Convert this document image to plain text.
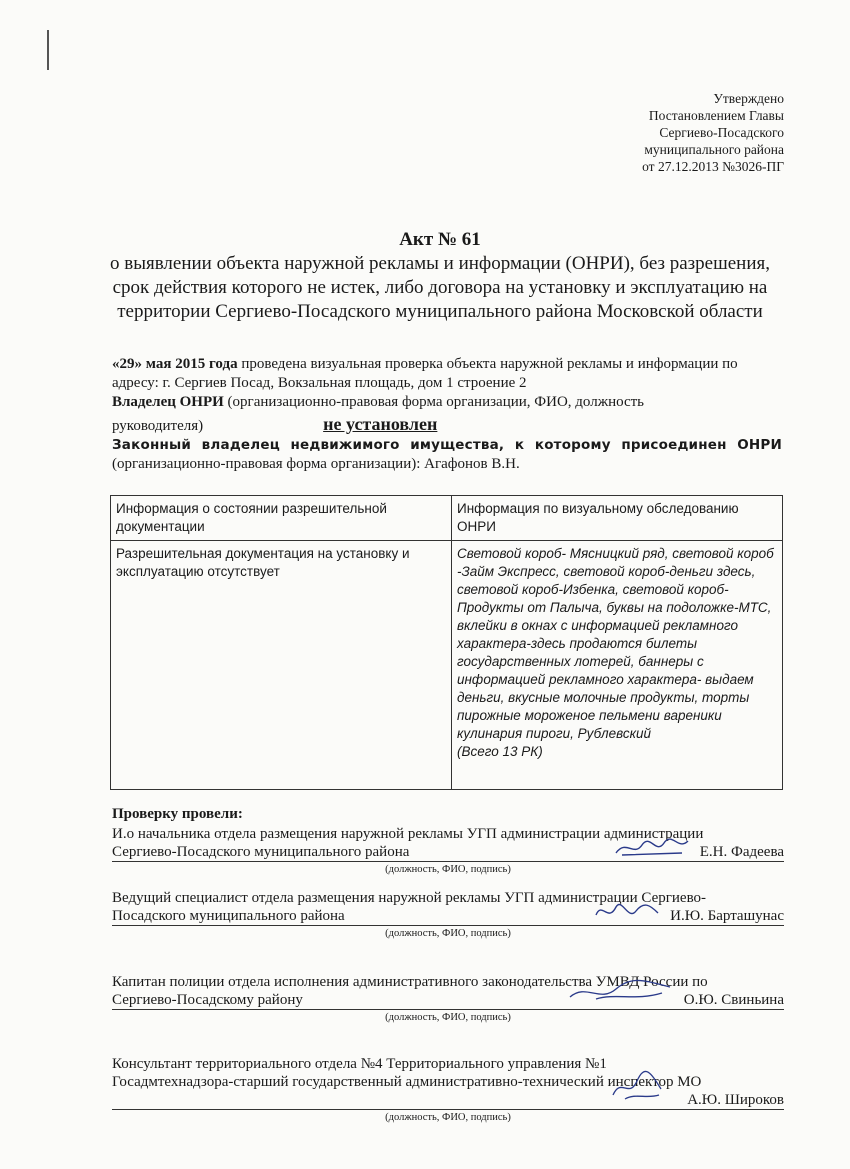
Утверждено
Постановлением Главы
Сергиево-Посадского
муниципального района
от 27.12.2013 №3026-ПГ
Акт № 61
о выявлении объекта наружной рекламы и информации (ОНРИ), без разрешения, срок действия которого не истек, либо договора на установку и эксплуатацию на территории Сергиево-Посадского муниципального района Московской области

«29» мая 2015 года проведена визуальная проверка объекта наружной рекламы и информации по адресу: г. Сергиев Посад, Вокзальная площадь, дом 1 строение 2

Владелец ОНРИ (организационно-правовая форма организации, ФИО, должность

руководителя)	не установлен

Законный владелец недвижимого имущества, к которому присоединен ОНРИ (организационно-правовая форма организации): Агафонов В.Н.

Информация о состоянии разрешительной документации	Информация по визуальному обследованию ОНРИ
Разрешительная документация на установку и эксплуатацию отсутствует	Световой короб- Мясницкий ряд, световой короб -Займ Экспресс, световой короб-деньги здесь, световой короб-Избенка, световой короб- Продукты от Палыча, буквы на подоложке-МТС, вклейки в окнах с информацией рекламного характера-здесь продаются билеты государственных лотерей, баннеры с информацией рекламного характера- выдаем деньги, вкусные молочные продукты, торты пирожные мороженое пельмени вареники кулинария пироги, Рублевский
(Всего 13 РК)
Проверку провели:
И.о начальника отдела размещения наружной рекламы УГП администрации администрации
Сергиево-Посадского муниципального района	Е.Н. Фадеева
(должность, ФИО, подпись)
Ведущий специалист отдела размещения наружной рекламы УГП администрации Сергиево-
Посадского муниципального района	И.Ю. Барташунас
(должность, ФИО, подпись)
Капитан полиции отдела исполнения административного законодательства УМВД России по
Сергиево-Посадскому району	О.Ю. Свиньина
(должность, ФИО, подпись)
Консультант территориального отдела №4 Территориального управления №1
Госадмтехнадзора-старший государственный административно-технический инспектор МО
А.Ю. Широков
(должность, ФИО, подпись)
